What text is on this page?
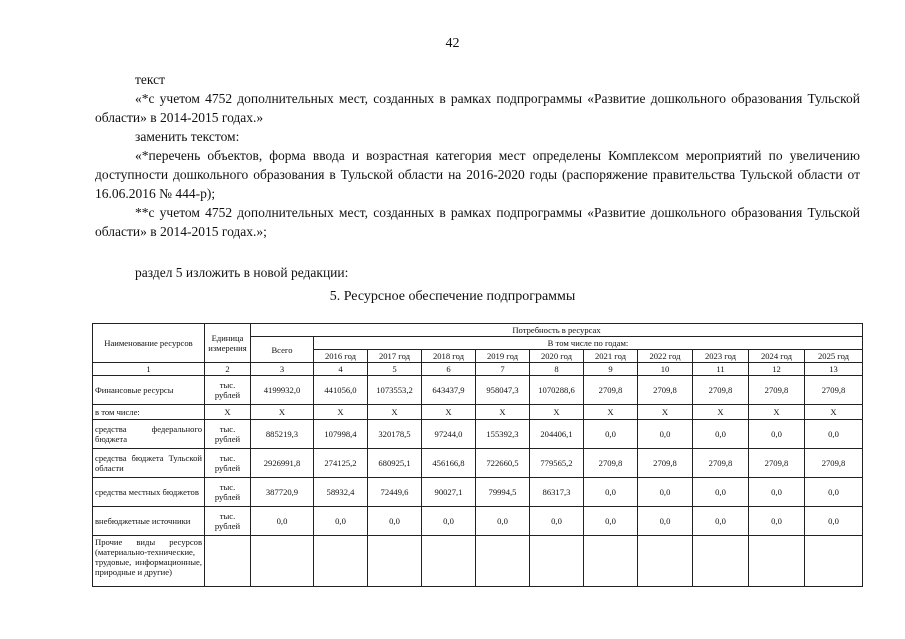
42

текст

«*с учетом 4752 дополнительных мест, созданных в рамках подпрограммы «Развитие дошкольного образования Тульской области» в 2014-2015 годах.»

заменить текстом:

«*перечень объектов, форма ввода и возрастная категория мест определены Комплексом мероприятий по увеличению доступности дошкольного образования в Тульской области на 2016-2020 годы (распоряжение правительства Тульской области от 16.06.2016 № 444-р);

**с учетом 4752 дополнительных мест, созданных в рамках подпрограммы «Развитие дошкольного образования Тульской области» в 2014-2015 годах.»;

раздел 5 изложить в новой редакции:

5. Ресурсное обеспечение подпрограммы
Наименование ресурсов	Единица измерения	Потребность в ресурсах										
		Всего	В том числе по годам:									
			2016 год	2017 год	2018 год	2019 год	2020 год	2021 год	2022 год	2023 год	2024 год	2025 год
1	2	3	4	5	6	7	8	9	10	11	12	13
Финансовые ресурсы	тыс. рублей	4199932,0	441056,0	1073553,2	643437,9	958047,3	1070288,6	2709,8	2709,8	2709,8	2709,8	2709,8
в том числе:	Х	Х	Х	Х	Х	Х	Х	Х	Х	Х	Х	Х
средства федерального бюджета	тыс. рублей	885219,3	107998,4	320178,5	97244,0	155392,3	204406,1	0,0	0,0	0,0	0,0	0,0
средства бюджета Тульской области	тыс. рублей	2926991,8	274125,2	680925,1	456166,8	722660,5	779565,2	2709,8	2709,8	2709,8	2709,8	2709,8
средства местных бюджетов	тыс. рублей	387720,9	58932,4	72449,6	90027,1	79994,5	86317,3	0,0	0,0	0,0	0,0	0,0
внебюджетные источники	тыс. рублей	0,0	0,0	0,0	0,0	0,0	0,0	0,0	0,0	0,0	0,0	0,0
Прочие виды ресурсов (материально-технические, трудовые, информационные, природные и другие)												
